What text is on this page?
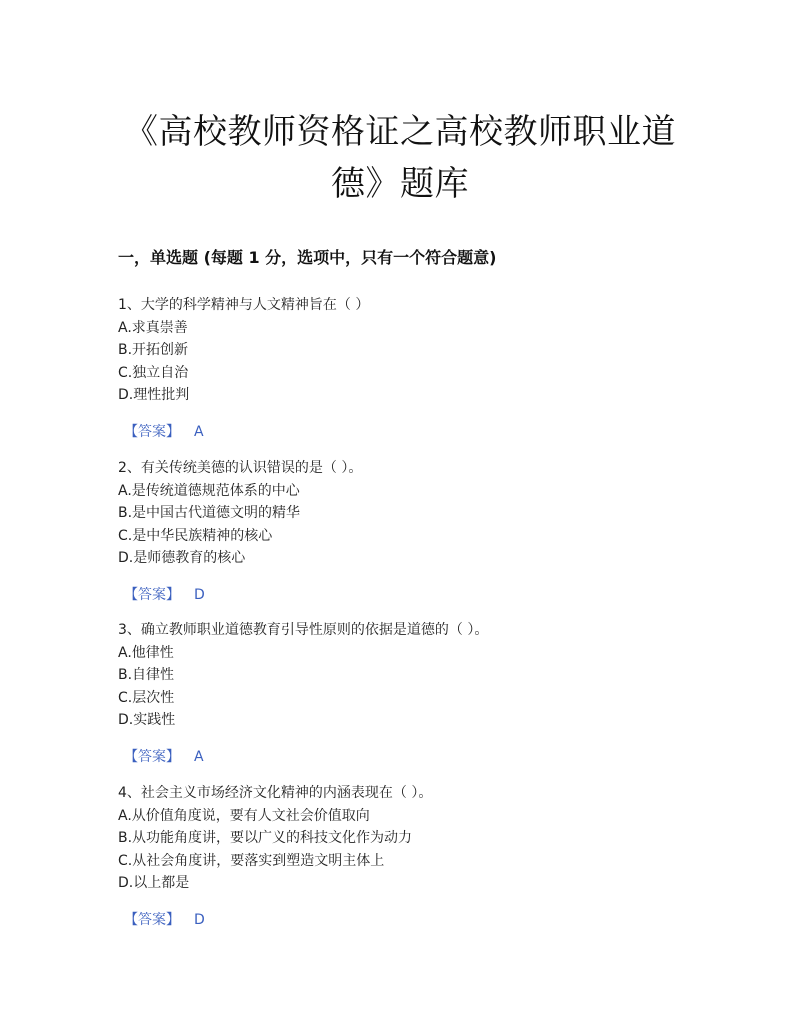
《高校教师资格证之高校教师职业道
德》题库
一，单选题 (每题 1 分，选项中，只有一个符合题意)
1、大学的科学精神与人文精神旨在（ ）
A.求真崇善
B.开拓创新
C.独立自治
D.理性批判
【答案】 A
2、有关传统美德的认识错误的是（ ）。
A.是传统道德规范体系的中心
B.是中国古代道德文明的精华
C.是中华民族精神的核心
D.是师德教育的核心
【答案】 D
3、确立教师职业道德教育引导性原则的依据是道德的（ ）。
A.他律性
B.自律性
C.层次性
D.实践性
【答案】 A
4、社会主义市场经济文化精神的内涵表现在（ ）。
A.从价值角度说，要有人文社会价值取向
B.从功能角度讲，要以广义的科技文化作为动力
C.从社会角度讲，要落实到塑造文明主体上
D.以上都是
【答案】 D
